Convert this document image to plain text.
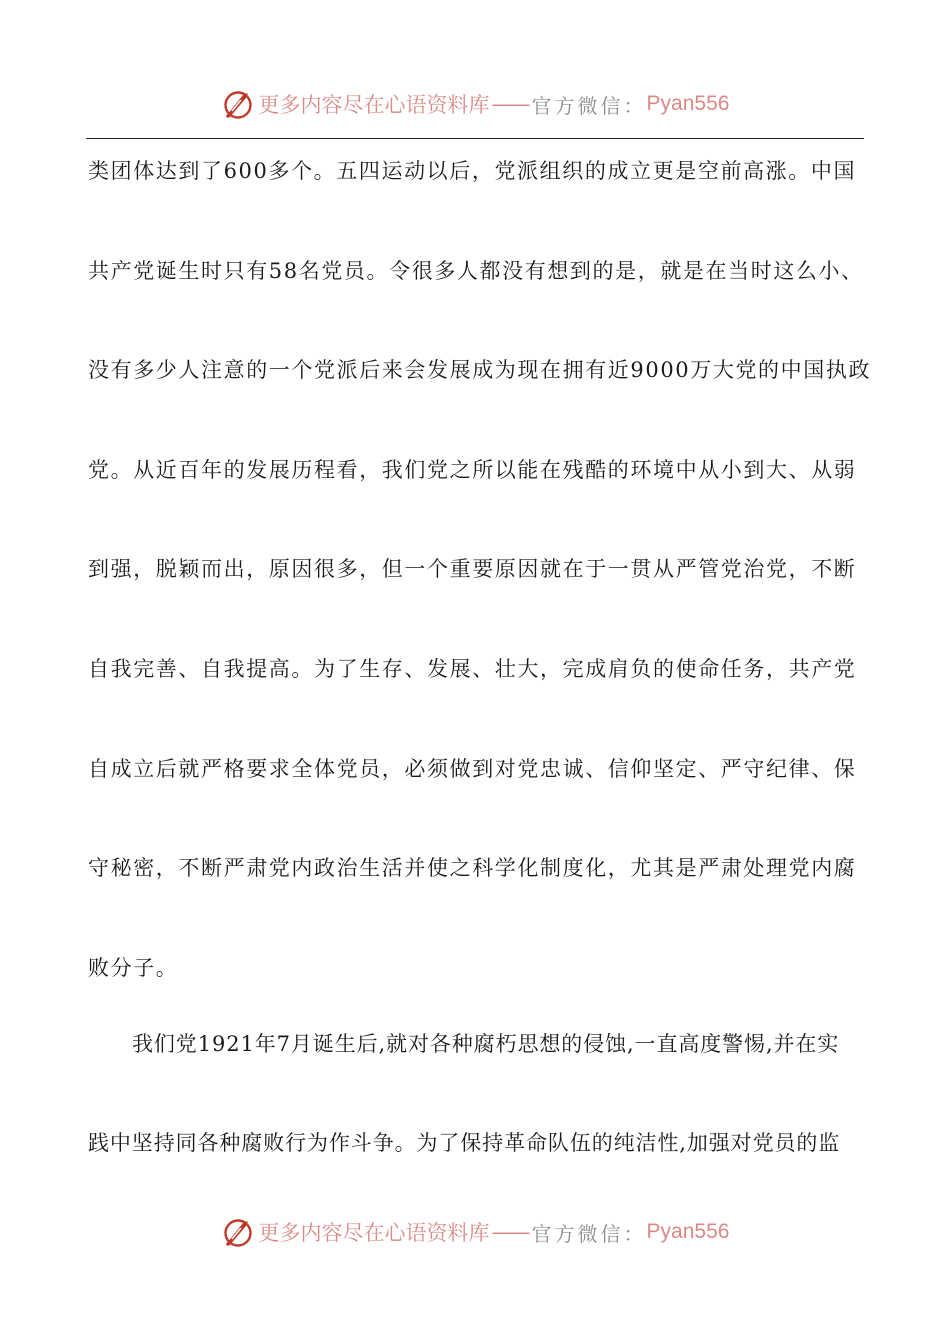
更多内容尽在心语资料库 —— 官方微信： Pyan556
类团体达到了600多个。五四运动以后，党派组织的成立更是空前高涨。中国
共产党诞生时只有58名党员。令很多人都没有想到的是，就是在当时这么小、
没有多少人注意的一个党派后来会发展成为现在拥有近9000万大党的中国执政
党。从近百年的发展历程看，我们党之所以能在残酷的环境中从小到大、从弱
到强，脱颖而出，原因很多，但一个重要原因就在于一贯从严管党治党，不断
自我完善、自我提高。为了生存、发展、壮大，完成肩负的使命任务，共产党
自成立后就严格要求全体党员，必须做到对党忠诚、信仰坚定、严守纪律、保
守秘密，不断严肃党内政治生活并使之科学化制度化，尤其是严肃处理党内腐
败分子。
我们党1921年7月诞生后,就对各种腐朽思想的侵蚀,一直高度警惕,并在实
践中坚持同各种腐败行为作斗争。为了保持革命队伍的纯洁性,加强对党员的监
更多内容尽在心语资料库 —— 官方微信： Pyan556
